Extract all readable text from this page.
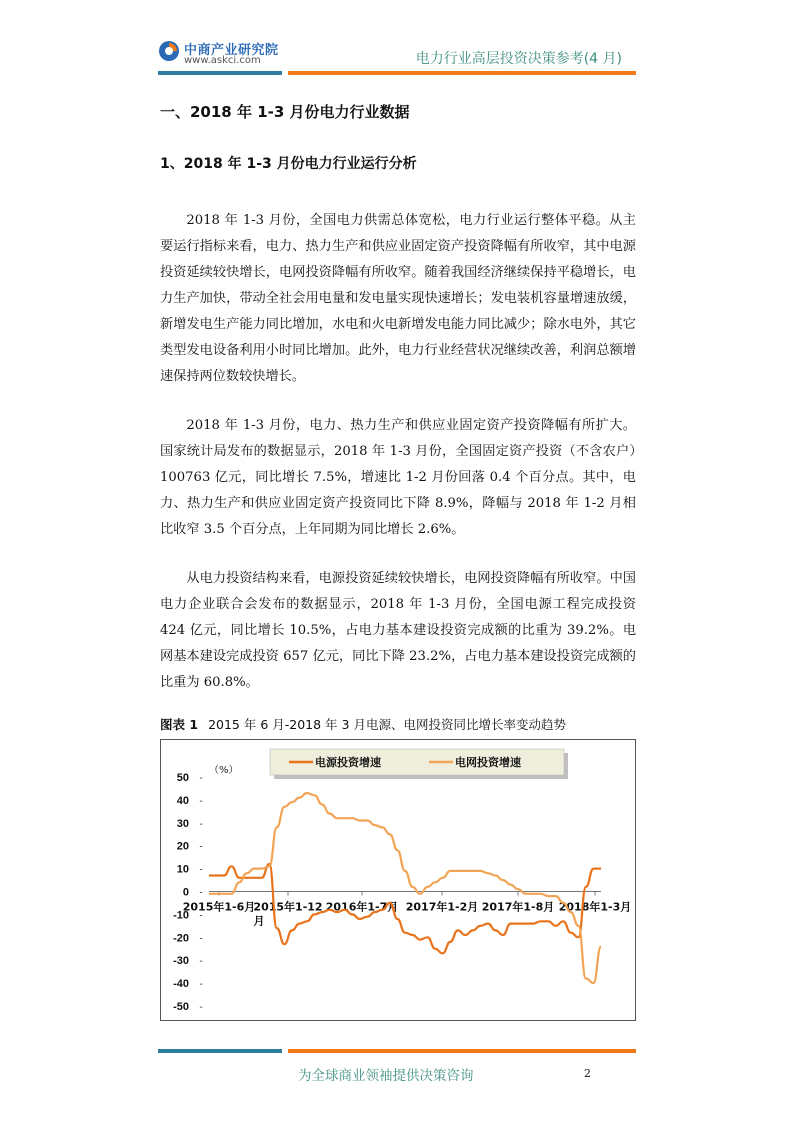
中商产业研究院
www.askci.com	电力行业高层投资决策参考(4 月)
一、2018 年 1-3 月份电力行业数据
1、2018 年 1-3 月份电力行业运行分析

2018 年 1-3 月份，全国电力供需总体宽松，电力行业运行整体平稳。从主要运行指标来看，电力、热力生产和供应业固定资产投资降幅有所收窄，其中电源投资延续较快增长，电网投资降幅有所收窄。随着我国经济继续保持平稳增长，电力生产加快，带动全社会用电量和发电量实现快速增长；发电装机容量增速放缓，新增发电生产能力同比增加，水电和火电新增发电能力同比减少；除水电外，其它类型发电设备利用小时同比增加。此外，电力行业经营状况继续改善，利润总额增速保持两位数较快增长。

2018 年 1-3 月份，电力、热力生产和供应业固定资产投资降幅有所扩大。国家统计局发布的数据显示，2018 年 1-3 月份，全国固定资产投资（不含农户）100763 亿元，同比增长 7.5%，增速比 1-2 月份回落 0.4 个百分点。其中，电力、热力生产和供应业固定资产投资同比下降 8.9%，降幅与 2018 年 1-2 月相比收窄 3.5 个百分点，上年同期为同比增长 2.6%。

从电力投资结构来看，电源投资延续较快增长，电网投资降幅有所收窄。中国电力企业联合会发布的数据显示，2018 年 1-3 月份，全国电源工程完成投资 424 亿元，同比增长 10.5%，占电力基本建设投资完成额的比重为 39.2%。电网基本建设完成投资 657 亿元，同比下降 23.2%，占电力基本建设投资完成额的比重为 60.8%。

图表 1 2015 年 6 月-2018 年 3 月电源、电网投资同比增长率变动趋势
50 -
40 -
30 -
20 -
10 -
0 -
-10 -
-20 -
-30 -
-40 -
-50 -
（%）
2015年1-6月
2015年1-12
月
2016年1-7月 2017年1-2月 2017年1-8月 2018年1-3月
电源投资增速	电网投资增速
为全球商业领袖提供决策咨询	2
